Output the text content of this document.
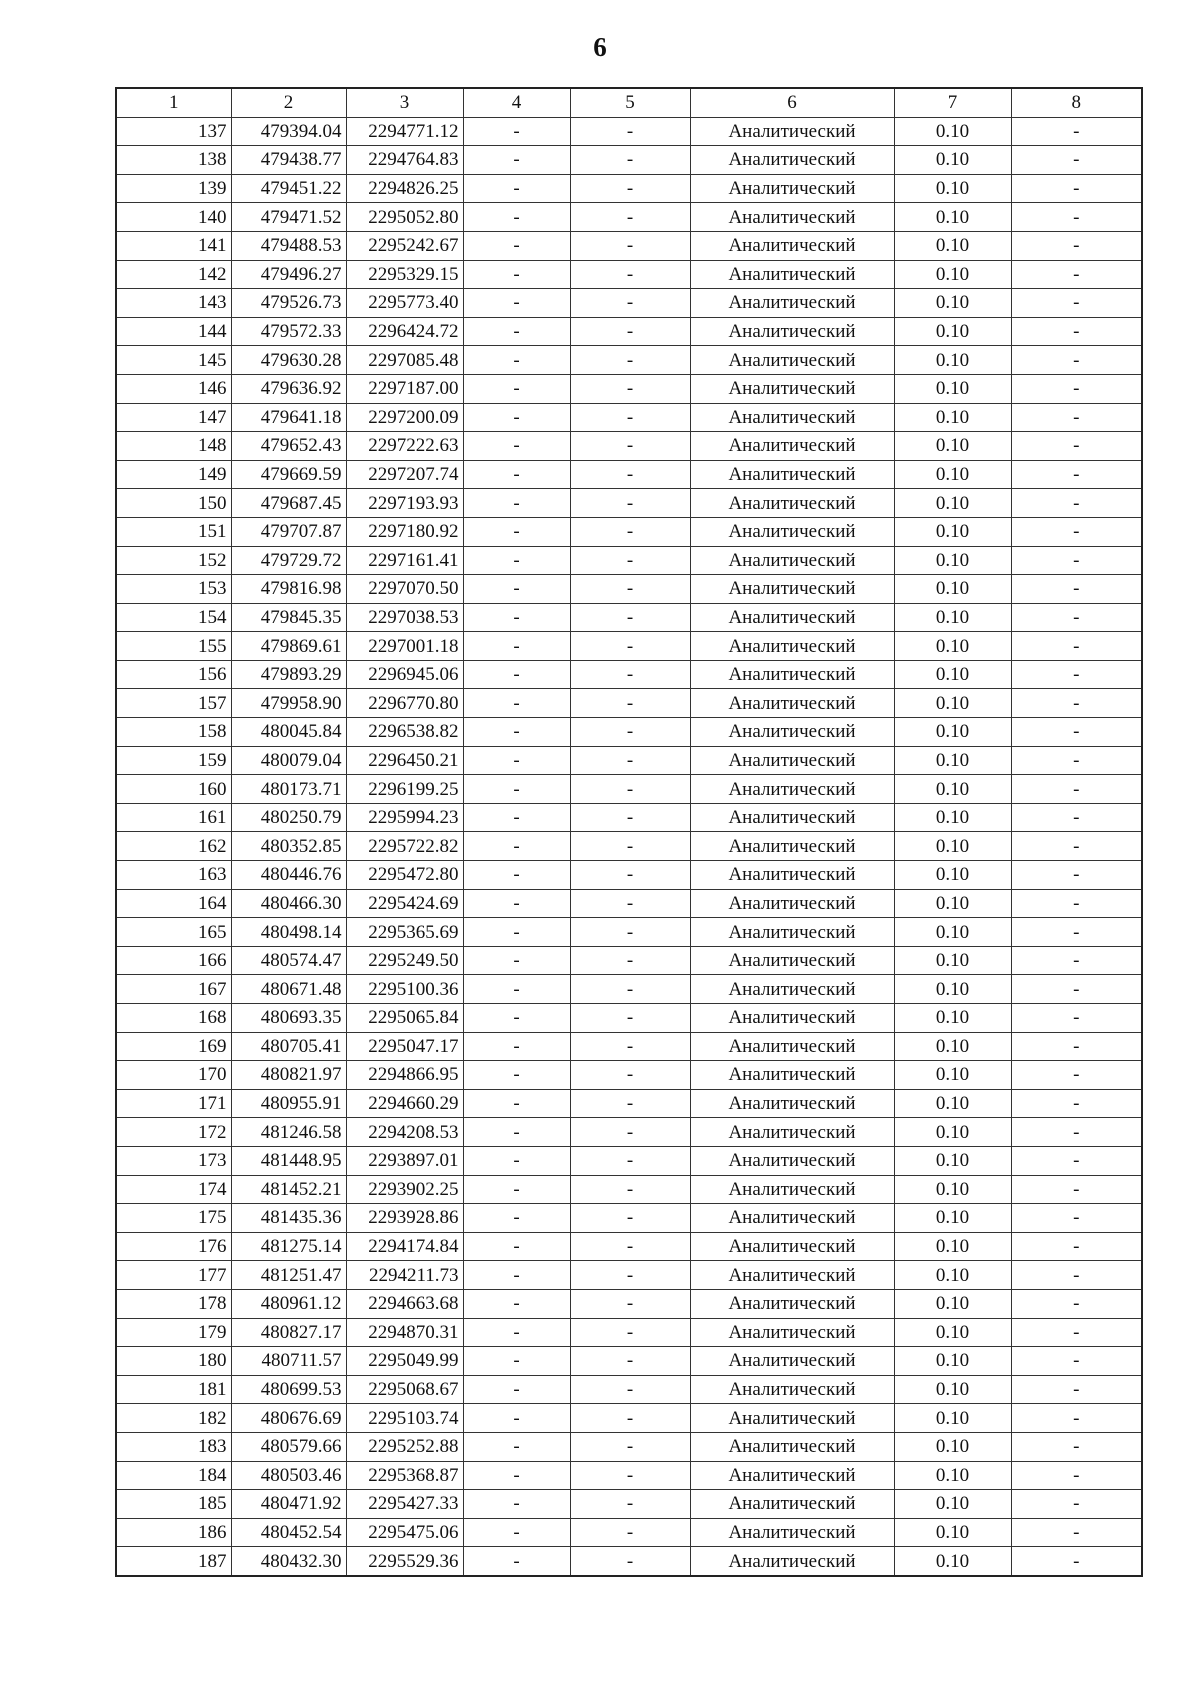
6
1	2	3	4	5	6	7	8
137	479394.04	2294771.12	-	-	Аналитический	0.10	-
138	479438.77	2294764.83	-	-	Аналитический	0.10	-
139	479451.22	2294826.25	-	-	Аналитический	0.10	-
140	479471.52	2295052.80	-	-	Аналитический	0.10	-
141	479488.53	2295242.67	-	-	Аналитический	0.10	-
142	479496.27	2295329.15	-	-	Аналитический	0.10	-
143	479526.73	2295773.40	-	-	Аналитический	0.10	-
144	479572.33	2296424.72	-	-	Аналитический	0.10	-
145	479630.28	2297085.48	-	-	Аналитический	0.10	-
146	479636.92	2297187.00	-	-	Аналитический	0.10	-
147	479641.18	2297200.09	-	-	Аналитический	0.10	-
148	479652.43	2297222.63	-	-	Аналитический	0.10	-
149	479669.59	2297207.74	-	-	Аналитический	0.10	-
150	479687.45	2297193.93	-	-	Аналитический	0.10	-
151	479707.87	2297180.92	-	-	Аналитический	0.10	-
152	479729.72	2297161.41	-	-	Аналитический	0.10	-
153	479816.98	2297070.50	-	-	Аналитический	0.10	-
154	479845.35	2297038.53	-	-	Аналитический	0.10	-
155	479869.61	2297001.18	-	-	Аналитический	0.10	-
156	479893.29	2296945.06	-	-	Аналитический	0.10	-
157	479958.90	2296770.80	-	-	Аналитический	0.10	-
158	480045.84	2296538.82	-	-	Аналитический	0.10	-
159	480079.04	2296450.21	-	-	Аналитический	0.10	-
160	480173.71	2296199.25	-	-	Аналитический	0.10	-
161	480250.79	2295994.23	-	-	Аналитический	0.10	-
162	480352.85	2295722.82	-	-	Аналитический	0.10	-
163	480446.76	2295472.80	-	-	Аналитический	0.10	-
164	480466.30	2295424.69	-	-	Аналитический	0.10	-
165	480498.14	2295365.69	-	-	Аналитический	0.10	-
166	480574.47	2295249.50	-	-	Аналитический	0.10	-
167	480671.48	2295100.36	-	-	Аналитический	0.10	-
168	480693.35	2295065.84	-	-	Аналитический	0.10	-
169	480705.41	2295047.17	-	-	Аналитический	0.10	-
170	480821.97	2294866.95	-	-	Аналитический	0.10	-
171	480955.91	2294660.29	-	-	Аналитический	0.10	-
172	481246.58	2294208.53	-	-	Аналитический	0.10	-
173	481448.95	2293897.01	-	-	Аналитический	0.10	-
174	481452.21	2293902.25	-	-	Аналитический	0.10	-
175	481435.36	2293928.86	-	-	Аналитический	0.10	-
176	481275.14	2294174.84	-	-	Аналитический	0.10	-
177	481251.47	2294211.73	-	-	Аналитический	0.10	-
178	480961.12	2294663.68	-	-	Аналитический	0.10	-
179	480827.17	2294870.31	-	-	Аналитический	0.10	-
180	480711.57	2295049.99	-	-	Аналитический	0.10	-
181	480699.53	2295068.67	-	-	Аналитический	0.10	-
182	480676.69	2295103.74	-	-	Аналитический	0.10	-
183	480579.66	2295252.88	-	-	Аналитический	0.10	-
184	480503.46	2295368.87	-	-	Аналитический	0.10	-
185	480471.92	2295427.33	-	-	Аналитический	0.10	-
186	480452.54	2295475.06	-	-	Аналитический	0.10	-
187	480432.30	2295529.36	-	-	Аналитический	0.10	-
